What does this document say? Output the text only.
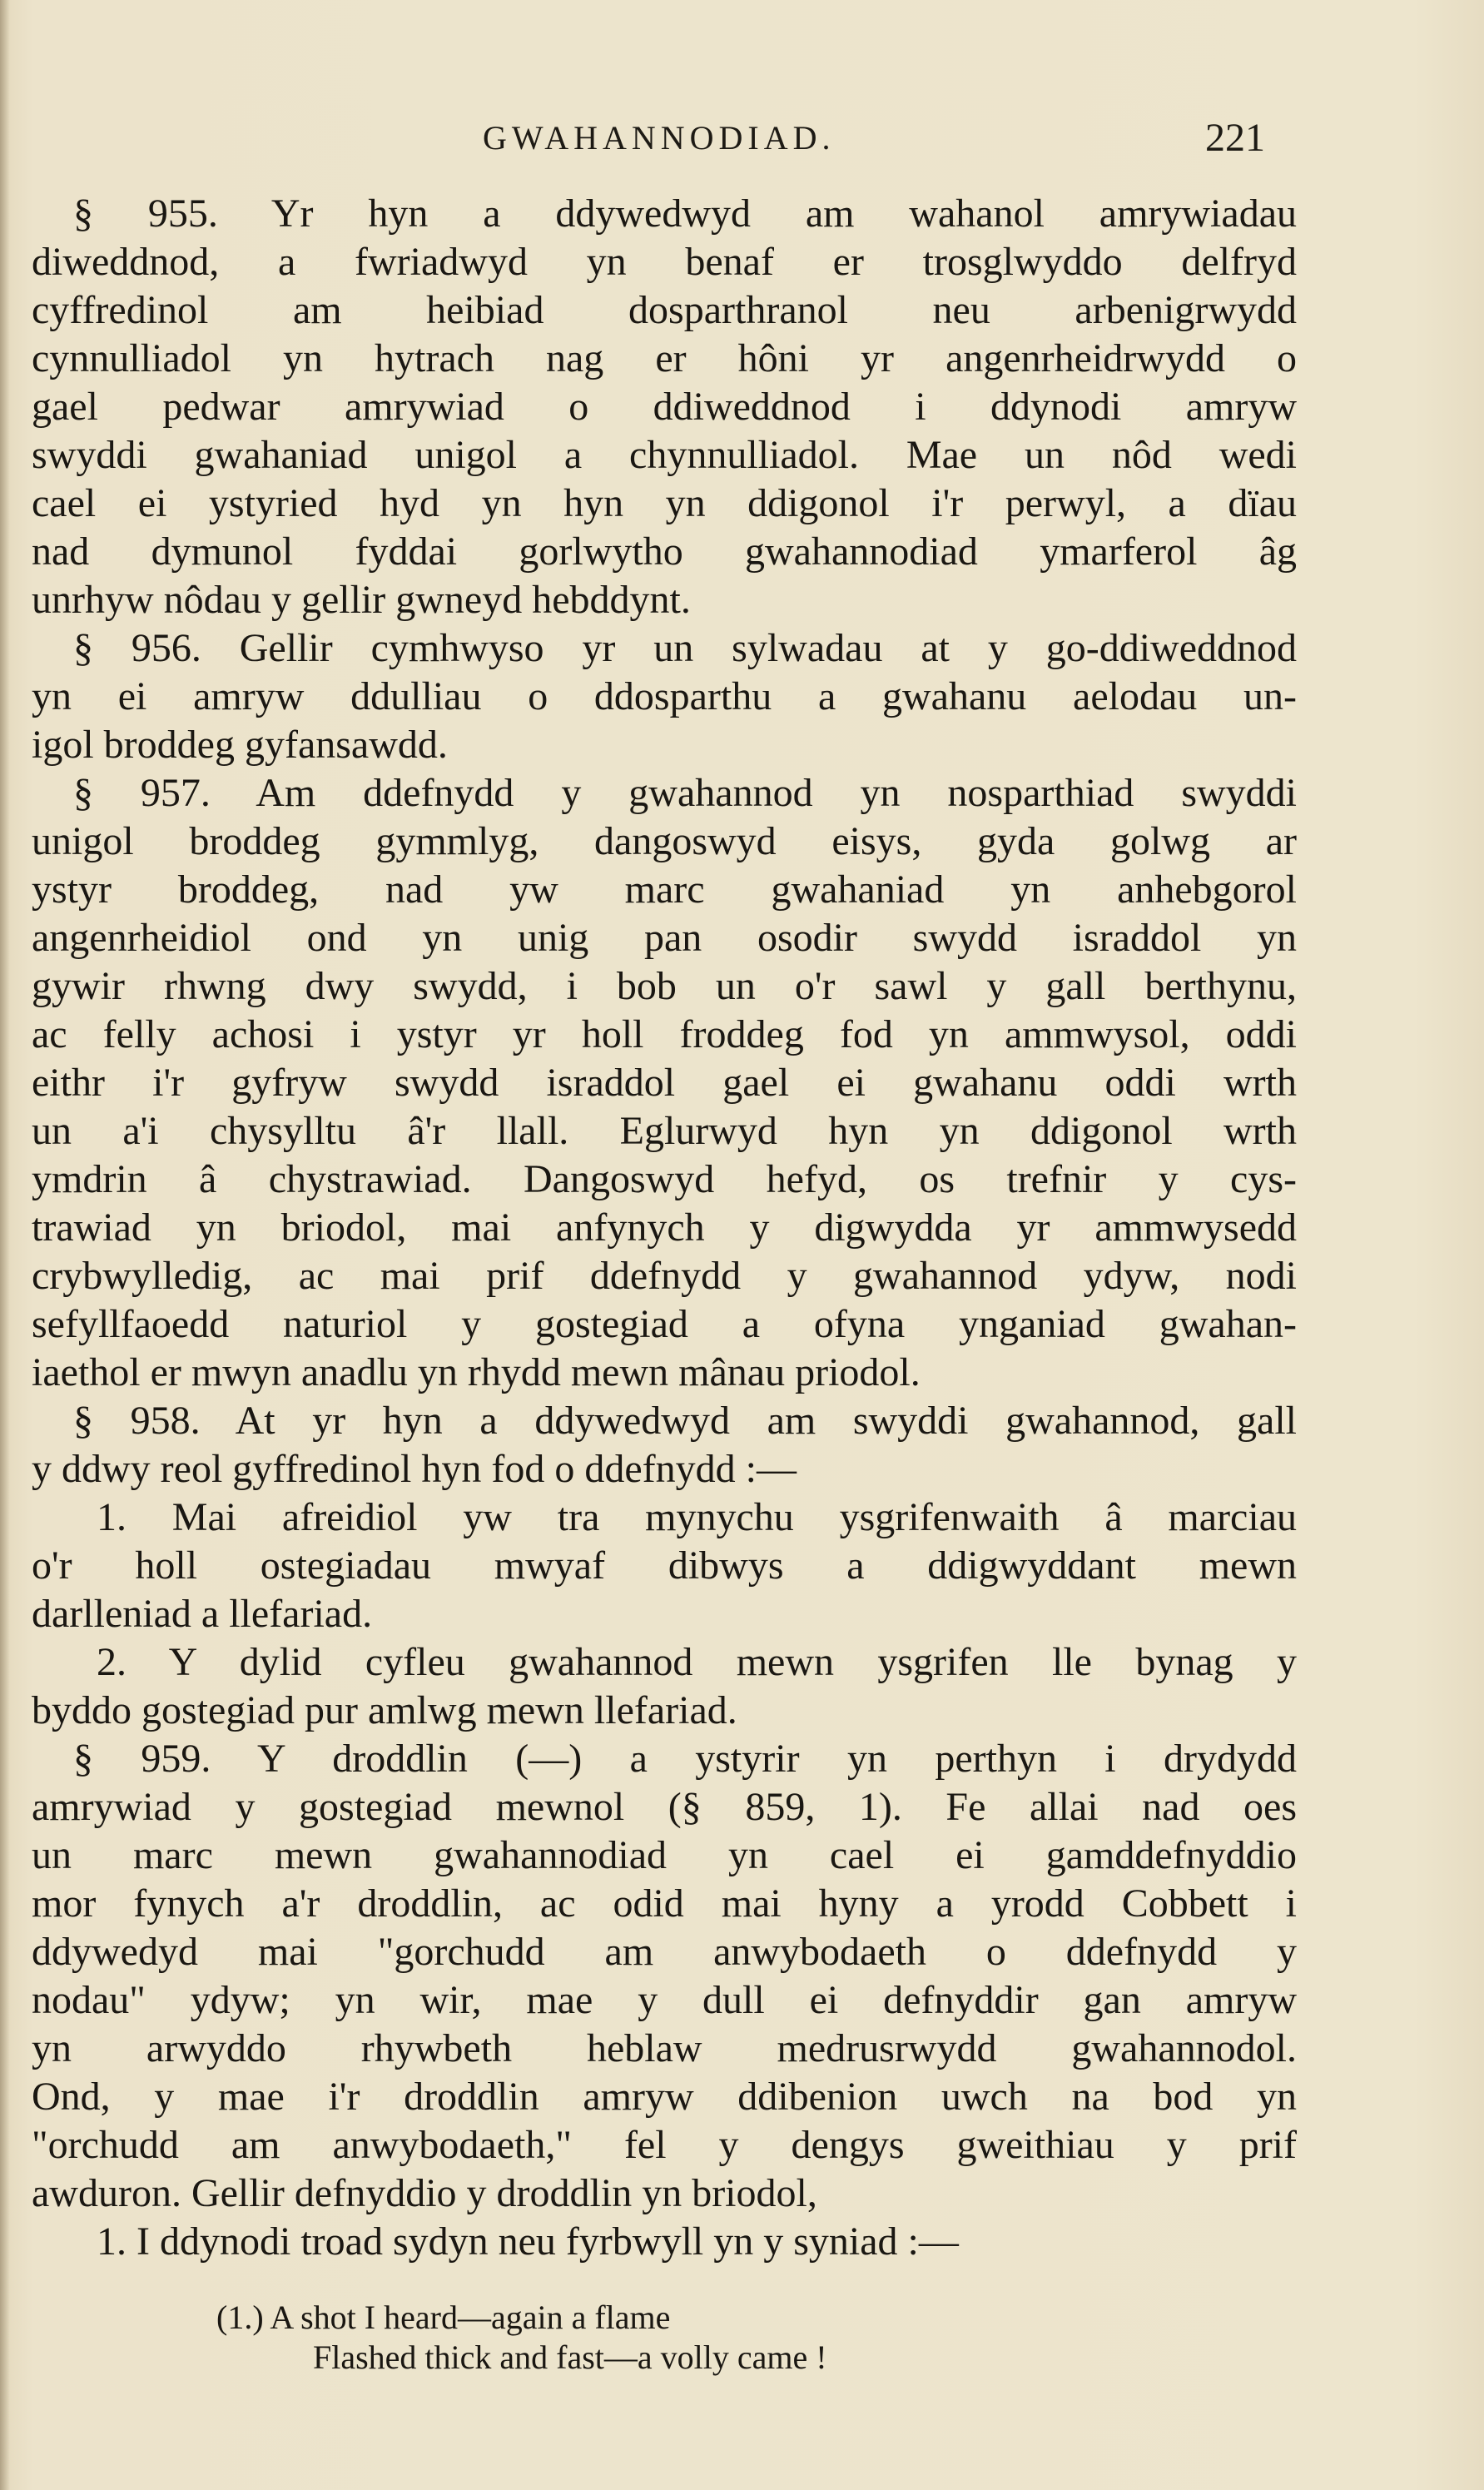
GWAHANNODIAD.	221
§ 955. Yr hyn a ddywedwyd am wahanol amrywiadau
diweddnod, a fwriadwyd yn benaf er trosglwyddo delfryd
cyffredinol am heibiad dosparthranol neu arbenigrwydd
cynnulliadol yn hytrach nag er hôni yr angenrheidrwydd o
gael pedwar amrywiad o ddiweddnod i ddynodi amryw
swyddi gwahaniad unigol a chynnulliadol. Mae un nôd wedi
cael ei ystyried hyd yn hyn yn ddigonol i'r perwyl, a dïau
nad dymunol fyddai gorlwytho gwahannodiad ymarferol âg
unrhyw nôdau y gellir gwneyd hebddynt.
§ 956. Gellir cymhwyso yr un sylwadau at y go-ddiweddnod
yn ei amryw ddulliau o ddosparthu a gwahanu aelodau un-
igol broddeg gyfansawdd.
§ 957. Am ddefnydd y gwahannod yn nosparthiad swyddi
unigol broddeg gymmlyg, dangoswyd eisys, gyda golwg ar
ystyr broddeg, nad yw marc gwahaniad yn anhebgorol
angenrheidiol ond yn unig pan osodir swydd israddol yn
gywir rhwng dwy swydd, i bob un o'r sawl y gall berthynu,
ac felly achosi i ystyr yr holl froddeg fod yn ammwysol, oddi
eithr i'r gyfryw swydd israddol gael ei gwahanu oddi wrth
un a'i chysylltu â'r llall. Eglurwyd hyn yn ddigonol wrth
ymdrin â chystrawiad. Dangoswyd hefyd, os trefnir y cys-
trawiad yn briodol, mai anfynych y digwydda yr ammwysedd
crybwylledig, ac mai prif ddefnydd y gwahannod ydyw, nodi
sefyllfaoedd naturiol y gostegiad a ofyna ynganiad gwahan-
iaethol er mwyn anadlu yn rhydd mewn mânau priodol.
§ 958. At yr hyn a ddywedwyd am swyddi gwahannod, gall
y ddwy reol gyffredinol hyn fod o ddefnydd :—
1. Mai afreidiol yw tra mynychu ysgrifenwaith â marciau
o'r holl ostegiadau mwyaf dibwys a ddigwyddant mewn
darlleniad a llefariad.
2. Y dylid cyfleu gwahannod mewn ysgrifen lle bynag y
byddo gostegiad pur amlwg mewn llefariad.
§ 959. Y droddlin (—) a ystyrir yn perthyn i drydydd
amrywiad y gostegiad mewnol (§ 859, 1). Fe allai nad oes
un marc mewn gwahannodiad yn cael ei gamddefnyddio
mor fynych a'r droddlin, ac odid mai hyny a yrodd Cobbett i
ddywedyd mai "gorchudd am anwybodaeth o ddefnydd y
nodau" ydyw; yn wir, mae y dull ei defnyddir gan amryw
yn arwyddo rhywbeth heblaw medrusrwydd gwahannodol.
Ond, y mae i'r droddlin amryw ddibenion uwch na bod yn
"orchudd am anwybodaeth," fel y dengys gweithiau y prif
awduron. Gellir defnyddio y droddlin yn briodol,
1. I ddynodi troad sydyn neu fyrbwyll yn y syniad :—
(1.) A shot I heard—again a flame
Flashed thick and fast—a volly came !
